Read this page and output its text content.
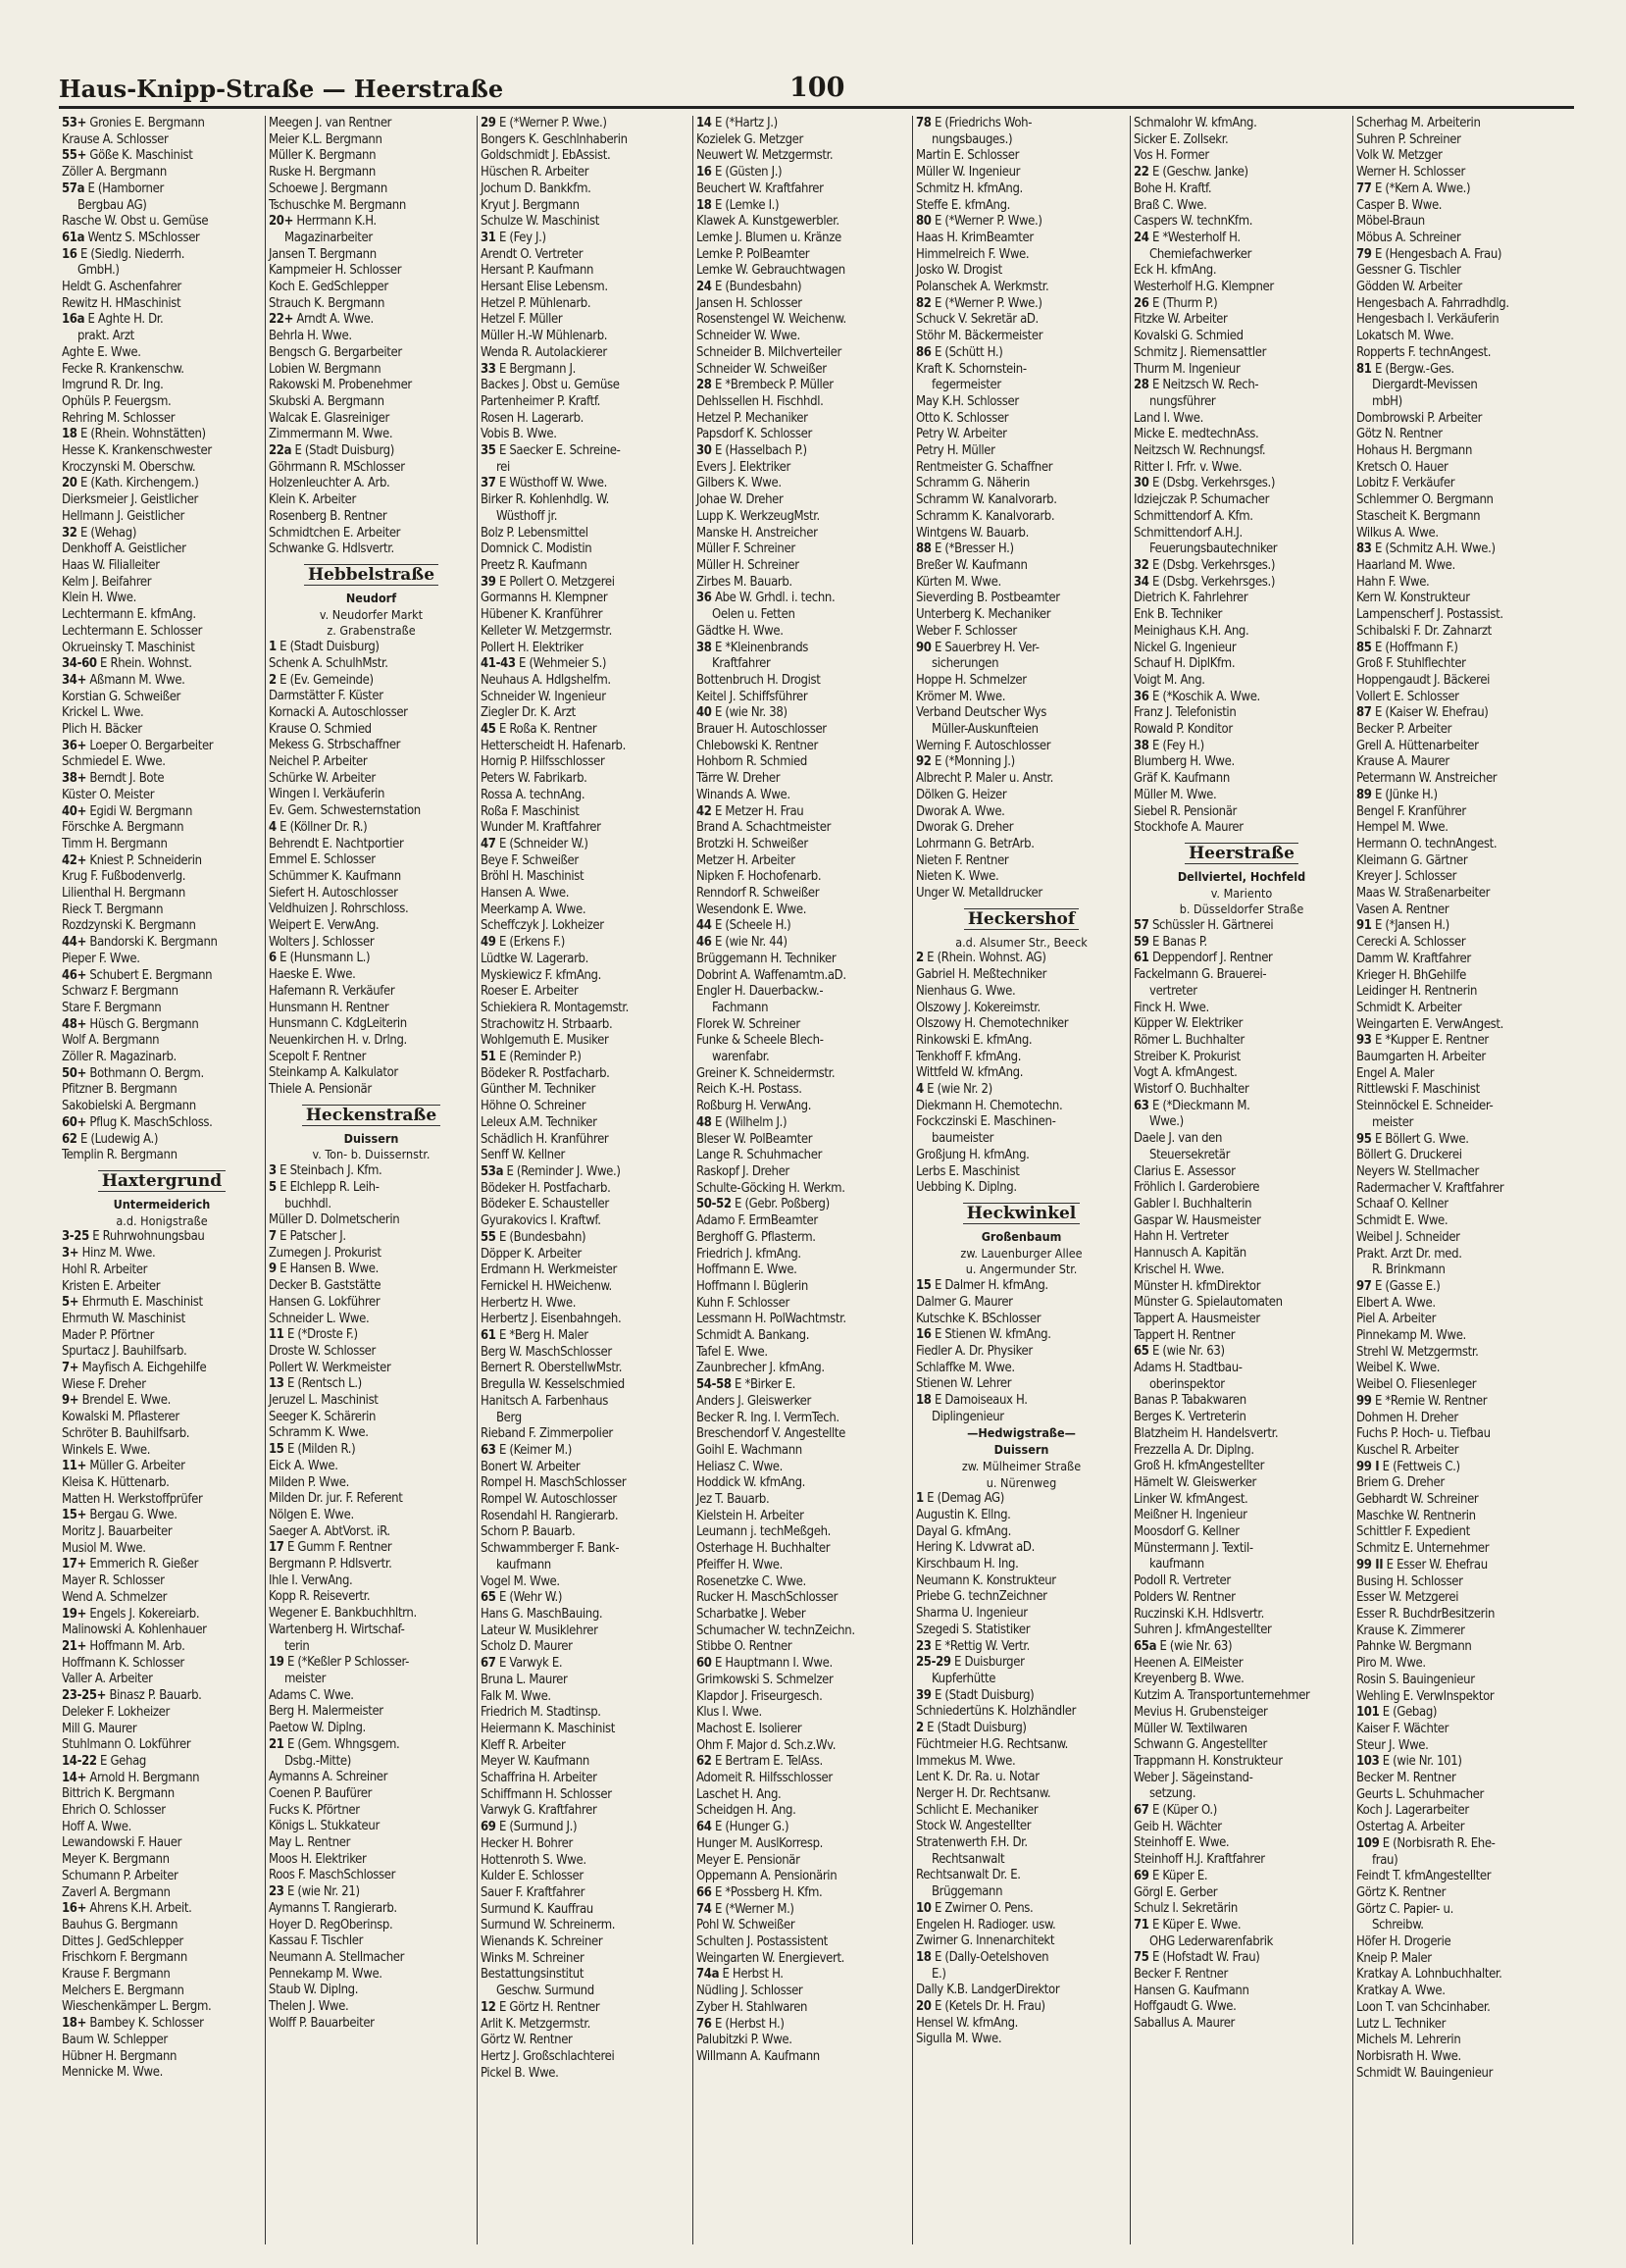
Haus-Knipp-Straße — Heerstraße	100
53+ Gronies E. Bergmann
Krause A. Schlosser
55+ Göße K. Maschinist
Zöller A. Bergmann
57a E (Hamborner
Bergbau AG)
Rasche W. Obst u. Gemüse
61a Wentz S. MSchlosser
16 E (Siedlg. Niederrh.
GmbH.)
Heldt G. Aschenfahrer
Rewitz H. HMaschinist
16a E Aghte H. Dr.
prakt. Arzt
Aghte E. Wwe.
Fecke R. Krankenschw.
Imgrund R. Dr. Ing.
Ophüls P. Feuergsm.
Rehring M. Schlosser
18 E (Rhein. Wohnstätten)
Hesse K. Krankenschwester
Kroczynski M. Oberschw.
20 E (Kath. Kirchengem.)
Dierksmeier J. Geistlicher
Hellmann J. Geistlicher
32 E (Wehag)
Denkhoff A. Geistlicher
Haas W. Filialleiter
Kelm J. Beifahrer
Klein H. Wwe.
Lechtermann E. kfmAng.
Lechtermann E. Schlosser
Okrueinsky T. Maschinist
34-60 E Rhein. Wohnst.
34+ Aßmann M. Wwe.
Korstian G. Schweißer
Krickel L. Wwe.
Plich H. Bäcker
36+ Loeper O. Bergarbeiter
Schmiedel E. Wwe.
38+ Berndt J. Bote
Küster O. Meister
40+ Egidi W. Bergmann
Förschke A. Bergmann
Timm H. Bergmann
42+ Kniest P. Schneiderin
Krug F. Fußbodenverlg.
Lilienthal H. Bergmann
Rieck T. Bergmann
Rozdzynski K. Bergmann
44+ Bandorski K. Bergmann
Pieper F. Wwe.
46+ Schubert E. Bergmann
Schwarz F. Bergmann
Stare F. Bergmann
48+ Hüsch G. Bergmann
Wolf A. Bergmann
Zöller R. Magazinarb.
50+ Bothmann O. Bergm.
Pfitzner B. Bergmann
Sakobielski A. Bergmann
60+ Pflug K. MaschSchloss.
62 E (Ludewig A.)
Templin R. Bergmann
Haxtergrund
Untermeiderich
a.d. Honigstraße
3-25 E Ruhrwohnungsbau
3+ Hinz M. Wwe.
Hohl R. Arbeiter
Kristen E. Arbeiter
5+ Ehrmuth E. Maschinist
Ehrmuth W. Maschinist
Mader P. Pförtner
Spurtacz J. Bauhilfsarb.
7+ Mayfisch A. Eichgehilfe
Wiese F. Dreher
9+ Brendel E. Wwe.
Kowalski M. Pflasterer
Schröter B. Bauhilfsarb.
Winkels E. Wwe.
11+ Müller G. Arbeiter
Kleisa K. Hüttenarb.
Matten H. Werkstoffprüfer
15+ Bergau G. Wwe.
Moritz J. Bauarbeiter
Musiol M. Wwe.
17+ Emmerich R. Gießer
Mayer R. Schlosser
Wend A. Schmelzer
19+ Engels J. Kokereiarb.
Malinowski A. Kohlenhauer
21+ Hoffmann M. Arb.
Hoffmann K. Schlosser
Valler A. Arbeiter
23-25+ Binasz P. Bauarb.
Deleker F. Lokheizer
Mill G. Maurer
Stuhlmann O. Lokführer
14-22 E Gehag
14+ Arnold H. Bergmann
Bittrich K. Bergmann
Ehrich O. Schlosser
Hoff A. Wwe.
Lewandowski F. Hauer
Meyer K. Bergmann
Schumann P. Arbeiter
Zaverl A. Bergmann
16+ Ahrens K.H. Arbeit.
Bauhus G. Bergmann
Dittes J. GedSchlepper
Frischkorn F. Bergmann
Krause F. Bergmann
Melchers E. Bergmann
Wieschenkämper L. Bergm.
18+ Bambey K. Schlosser
Baum W. Schlepper
Hübner H. Bergmann
Mennicke M. Wwe.
Meegen J. van Rentner
Meier K.L. Bergmann
Müller K. Bergmann
Ruske H. Bergmann
Schoewe J. Bergmann
Tschuschke M. Bergmann
20+ Herrmann K.H.
Magazinarbeiter
Jansen T. Bergmann
Kampmeier H. Schlosser
Koch E. GedSchlepper
Strauch K. Bergmann
22+ Arndt A. Wwe.
Behrla H. Wwe.
Bengsch G. Bergarbeiter
Lobien W. Bergmann
Rakowski M. Probenehmer
Skubski A. Bergmann
Walcak E. Glasreiniger
Zimmermann M. Wwe.
22a E (Stadt Duisburg)
Göhrmann R. MSchlosser
Holzenleuchter A. Arb.
Klein K. Arbeiter
Rosenberg B. Rentner
Schmidtchen E. Arbeiter
Schwanke G. Hdlsvertr.
Hebbelstraße
Neudorf
v. Neudorfer Markt
z. Grabenstraße
1 E (Stadt Duisburg)
Schenk A. SchulhMstr.
2 E (Ev. Gemeinde)
Darmstätter F. Küster
Kornacki A. Autoschlosser
Krause O. Schmied
Mekess G. Strbschaffner
Neichel P. Arbeiter
Schürke W. Arbeiter
Wingen I. Verkäuferin
Ev. Gem. Schwesternstation
4 E (Köllner Dr. R.)
Behrendt E. Nachtportier
Emmel E. Schlosser
Schümmer K. Kaufmann
Siefert H. Autoschlosser
Veldhuizen J. Rohrschloss.
Weipert E. VerwAng.
Wolters J. Schlosser
6 E (Hunsmann L.)
Haeske E. Wwe.
Hafemann R. Verkäufer
Hunsmann H. Rentner
Hunsmann C. KdgLeiterin
Neuenkirchen H. v. Drlng.
Scepolt F. Rentner
Steinkamp A. Kalkulator
Thiele A. Pensionär
Heckenstraße
Duissern
v. Ton- b. Duissernstr.
3 E Steinbach J. Kfm.
5 E Elchlepp R. Leih-
buchhdl.
Müller D. Dolmetscherin
7 E Patscher J.
Zumegen J. Prokurist
9 E Hansen B. Wwe.
Decker B. Gaststätte
Hansen G. Lokführer
Schneider L. Wwe.
11 E (*Droste F.)
Droste W. Schlosser
Pollert W. Werkmeister
13 E (Rentsch L.)
Jeruzel L. Maschinist
Seeger K. Schärerin
Schramm K. Wwe.
15 E (Milden R.)
Eick A. Wwe.
Milden P. Wwe.
Milden Dr. jur. F. Referent
Nölgen E. Wwe.
Saeger A. AbtVorst. iR.
17 E Gumm F. Rentner
Bergmann P. Hdlsvertr.
Ihle I. VerwAng.
Kopp R. Reisevertr.
Wegener E. Bankbuchhltrn.
Wartenberg H. Wirtschaf-
terin
19 E (*Keßler P Schlosser-
meister
Adams C. Wwe.
Berg H. Malermeister
Paetow W. Diplng.
21 E (Gem. Whngsgem.
Dsbg.-Mitte)
Aymanns A. Schreiner
Coenen P. Baufürer
Fucks K. Pförtner
Königs L. Stukkateur
May L. Rentner
Moos H. Elektriker
Roos F. MaschSchlosser
23 E (wie Nr. 21)
Aymanns T. Rangierarb.
Hoyer D. RegOberinsp.
Kassau F. Tischler
Neumann A. Stellmacher
Pennekamp M. Wwe.
Staub W. Diplng.
Thelen J. Wwe.
Wolff P. Bauarbeiter
29 E (*Werner P. Wwe.)
Bongers K. Geschlnhaberin
Goldschmidt J. EbAssist.
Hüschen R. Arbeiter
Jochum D. Bankkfm.
Kryut J. Bergmann
Schulze W. Maschinist
31 E (Fey J.)
Arendt O. Vertreter
Hersant P. Kaufmann
Hersant Elise Lebensm.
Hetzel P. Mühlenarb.
Hetzel F. Müller
Müller H.-W Mühlenarb.
Wenda R. Autolackierer
33 E Bergmann J.
Backes J. Obst u. Gemüse
Partenheimer P. Kraftf.
Rosen H. Lagerarb.
Vobis B. Wwe.
35 E Saecker E. Schreine-
rei
37 E Wüsthoff W. Wwe.
Birker R. Kohlenhdlg. W.
Wüsthoff jr.
Bolz P. Lebensmittel
Domnick C. Modistin
Preetz R. Kaufmann
39 E Pollert O. Metzgerei
Gormanns H. Klempner
Hübener K. Kranführer
Kelleter W. Metzgermstr.
Pollert H. Elektriker
41-43 E (Wehmeier S.)
Neuhaus A. Hdlgshelfm.
Schneider W. Ingenieur
Ziegler Dr. K. Arzt
45 E Roßa K. Rentner
Hetterscheidt H. Hafenarb.
Hornig P. Hilfsschlosser
Peters W. Fabrikarb.
Rossa A. technAng.
Roßa F. Maschinist
Wunder M. Kraftfahrer
47 E (Schneider W.)
Beye F. Schweißer
Bröhl H. Maschinist
Hansen A. Wwe.
Meerkamp A. Wwe.
Scheffczyk J. Lokheizer
49 E (Erkens F.)
Lüdtke W. Lagerarb.
Myskiewicz F. kfmAng.
Roeser E. Arbeiter
Schiekiera R. Montagemstr.
Strachowitz H. Strbaarb.
Wohlgemuth E. Musiker
51 E (Reminder P.)
Bödeker R. Postfacharb.
Günther M. Techniker
Höhne O. Schreiner
Leleux A.M. Techniker
Schädlich H. Kranführer
Senff W. Kellner
53a E (Reminder J. Wwe.)
Bödeker H. Postfacharb.
Bödeker E. Schausteller
Gyurakovics I. Kraftwf.
55 E (Bundesbahn)
Döpper K. Arbeiter
Erdmann H. Werkmeister
Fernickel H. HWeichenw.
Herbertz H. Wwe.
Herbertz J. Eisenbahngeh.
61 E *Berg H. Maler
Berg W. MaschSchlosser
Bernert R. OberstellwMstr.
Bregulla W. Kesselschmied
Hanitsch A. Farbenhaus
Berg
Rieband F. Zimmerpolier
63 E (Keimer M.)
Bonert W. Arbeiter
Rompel H. MaschSchlosser
Rompel W. Autoschlosser
Rosendahl H. Rangierarb.
Schorn P. Bauarb.
Schwammberger F. Bank-
kaufmann
Vogel M. Wwe.
65 E (Wehr W.)
Hans G. MaschBauing.
Lateur W. Musiklehrer
Scholz D. Maurer
67 E Varwyk E.
Bruna L. Maurer
Falk M. Wwe.
Friedrich M. Stadtinsp.
Heiermann K. Maschinist
Kleff R. Arbeiter
Meyer W. Kaufmann
Schaffrina H. Arbeiter
Schiffmann H. Schlosser
Varwyk G. Kraftfahrer
69 E (Surmund J.)
Hecker H. Bohrer
Hottenroth S. Wwe.
Kulder E. Schlosser
Sauer F. Kraftfahrer
Surmund K. Kauffrau
Surmund W. Schreinerm.
Wienands K. Schreiner
Winks M. Schreiner
Bestattungsinstitut
Geschw. Surmund
12 E Görtz H. Rentner
Arlit K. Metzgermstr.
Görtz W. Rentner
Hertz J. Großschlachterei
Pickel B. Wwe.
14 E (*Hartz J.)
Kozielek G. Metzger
Neuwert W. Metzgermstr.
16 E (Güsten J.)
Beuchert W. Kraftfahrer
18 E (Lemke I.)
Klawek A. Kunstgewerbler.
Lemke J. Blumen u. Kränze
Lemke P. PolBeamter
Lemke W. Gebrauchtwagen
24 E (Bundesbahn)
Jansen H. Schlosser
Rosenstengel W. Weichenw.
Schneider W. Wwe.
Schneider B. Milchverteiler
Schneider W. Schweißer
28 E *Brembeck P. Müller
Dehlssellen H. Fischhdl.
Hetzel P. Mechaniker
Papsdorf K. Schlosser
30 E (Hasselbach P.)
Evers J. Elektriker
Gilbers K. Wwe.
Johae W. Dreher
Lupp K. WerkzeugMstr.
Manske H. Anstreicher
Müller F. Schreiner
Müller H. Schreiner
Zirbes M. Bauarb.
36 Abe W. Grhdl. i. techn.
Oelen u. Fetten
Gädtke H. Wwe.
38 E *Kleinenbrands
Kraftfahrer
Bottenbruch H. Drogist
Keitel J. Schiffsführer
40 E (wie Nr. 38)
Brauer H. Autoschlosser
Chlebowski K. Rentner
Hohborn R. Schmied
Tärre W. Dreher
Winands A. Wwe.
42 E Metzer H. Frau
Brand A. Schachtmeister
Brotzki H. Schweißer
Metzer H. Arbeiter
Nipken F. Hochofenarb.
Renndorf R. Schweißer
Wesendonk E. Wwe.
44 E (Scheele H.)
46 E (wie Nr. 44)
Brüggemann H. Techniker
Dobrint A. Waffenamtm.aD.
Engler H. Dauerbackw.-
Fachmann
Florek W. Schreiner
Funke & Scheele Blech-
warenfabr.
Greiner K. Schneidermstr.
Reich K.-H. Postass.
Roßburg H. VerwAng.
48 E (Wilhelm J.)
Bleser W. PolBeamter
Lange R. Schuhmacher
Raskopf J. Dreher
Schulte-Göcking H. Werkm.
50-52 E (Gebr. Poßberg)
Adamo F. ErmBeamter
Berghoff G. Pflasterm.
Friedrich J. kfmAng.
Hoffmann E. Wwe.
Hoffmann I. Büglerin
Kuhn F. Schlosser
Lessmann H. PolWachtmstr.
Schmidt A. Bankang.
Tafel E. Wwe.
Zaunbrecher J. kfmAng.
54-58 E *Birker E.
Anders J. Gleiswerker
Becker R. Ing. I. VermTech.
Breschendorf V. Angestellte
Goihl E. Wachmann
Heliasz C. Wwe.
Hoddick W. kfmAng.
Jez T. Bauarb.
Kielstein H. Arbeiter
Leumann j. techMeßgeh.
Osterhage H. Buchhalter
Pfeiffer H. Wwe.
Rosenetzke C. Wwe.
Rucker H. MaschSchlosser
Scharbatke J. Weber
Schumacher W. technZeichn.
Stibbe O. Rentner
60 E Hauptmann I. Wwe.
Grimkowski S. Schmelzer
Klapdor J. Friseurgesch.
Klus I. Wwe.
Machost E. Isolierer
Ohm F. Major d. Sch.z.Wv.
62 E Bertram E. TelAss.
Adomeit R. Hilfsschlosser
Laschet H. Ang.
Scheidgen H. Ang.
64 E (Hunger G.)
Hunger M. AuslKorresp.
Meyer E. Pensionär
Oppemann A. Pensionärin
66 E *Possberg H. Kfm.
74 E (*Werner M.)
Pohl W. Schweißer
Schulten J. Postassistent
Weingarten W. Energievert.
74a E Herbst H.
Nüdling J. Schlosser
Zyber H. Stahlwaren
76 E (Herbst H.)
Palubitzki P. Wwe.
Willmann A. Kaufmann
78 E (Friedrichs Woh-
nungsbauges.)
Martin E. Schlosser
Müller W. Ingenieur
Schmitz H. kfmAng.
Steffe E. kfmAng.
80 E (*Werner P. Wwe.)
Haas H. KrimBeamter
Himmelreich F. Wwe.
Josko W. Drogist
Polanschek A. Werkmstr.
82 E (*Werner P. Wwe.)
Schuck V. Sekretär aD.
Stöhr M. Bäckermeister
86 E (Schütt H.)
Kraft K. Schornstein-
fegermeister
May K.H. Schlosser
Otto K. Schlosser
Petry W. Arbeiter
Petry H. Müller
Rentmeister G. Schaffner
Schramm G. Näherin
Schramm W. Kanalvorarb.
Schramm K. Kanalvorarb.
Wintgens W. Bauarb.
88 E (*Bresser H.)
Breßer W. Kaufmann
Kürten M. Wwe.
Sieverding B. Postbeamter
Unterberg K. Mechaniker
Weber F. Schlosser
90 E Sauerbrey H. Ver-
sicherungen
Hoppe H. Schmelzer
Krömer M. Wwe.
Verband Deutscher Wys
Müller-Auskunfteien
Werning F. Autoschlosser
92 E (*Monning J.)
Albrecht P. Maler u. Anstr.
Dölken G. Heizer
Dworak A. Wwe.
Dworak G. Dreher
Lohrmann G. BetrArb.
Nieten F. Rentner
Nieten K. Wwe.
Unger W. Metalldrucker
Heckershof
a.d. Alsumer Str., Beeck
2 E (Rhein. Wohnst. AG)
Gabriel H. Meßtechniker
Nienhaus G. Wwe.
Olszowy J. Kokereimstr.
Olszowy H. Chemotechniker
Rinkowski E. kfmAng.
Tenkhoff F. kfmAng.
Wittfeld W. kfmAng.
4 E (wie Nr. 2)
Diekmann H. Chemotechn.
Fockczinski E. Maschinen-
baumeister
Großjung H. kfmAng.
Lerbs E. Maschinist
Uebbing K. Diplng.
Heckwinkel
Großenbaum
zw. Lauenburger Allee
u. Angermunder Str.
15 E Dalmer H. kfmAng.
Dalmer G. Maurer
Kutschke K. BSchlosser
16 E Stienen W. kfmAng.
Fiedler A. Dr. Physiker
Schlaffke M. Wwe.
Stienen W. Lehrer
18 E Damoiseaux H.
Diplingenieur
—Hedwigstraße—
Duissern
zw. Mülheimer Straße
u. Nürenweg
1 E (Demag AG)
Augustin K. Ellng.
Dayal G. kfmAng.
Hering K. Ldvwrat aD.
Kirschbaum H. Ing.
Neumann K. Konstrukteur
Priebe G. technZeichner
Sharma U. Ingenieur
Szegedi S. Statistiker
23 E *Rettig W. Vertr.
25-29 E Duisburger
Kupferhütte
39 E (Stadt Duisburg)
Schniedertüns K. Holzhändler
2 E (Stadt Duisburg)
Füchtmeier H.G. Rechtsanw.
Immekus M. Wwe.
Lent K. Dr. Ra. u. Notar
Nerger H. Dr. Rechtsanw.
Schlicht E. Mechaniker
Stock W. Angestellter
Stratenwerth F.H. Dr.
Rechtsanwalt
Rechtsanwalt Dr. E.
Brüggemann
10 E Zwirner O. Pens.
Engelen H. Radioger. usw.
Zwirner G. Innenarchitekt
18 E (Dally-Oetelshoven
E.)
Dally K.B. LandgerDirektor
20 E (Ketels Dr. H. Frau)
Hensel W. kfmAng.
Sigulla M. Wwe.
Schmalohr W. kfmAng.
Sicker E. Zollsekr.
Vos H. Former
22 E (Geschw. Janke)
Bohe H. Kraftf.
Braß C. Wwe.
Caspers W. technKfm.
24 E *Westerholf H.
Chemiefachwerker
Eck H. kfmAng.
Westerholf H.G. Klempner
26 E (Thurm P.)
Fitzke W. Arbeiter
Kovalski G. Schmied
Schmitz J. Riemensattler
Thurm M. Ingenieur
28 E Neitzsch W. Rech-
nungsführer
Land I. Wwe.
Micke E. medtechnAss.
Neitzsch W. Rechnungsf.
Ritter I. Frfr. v. Wwe.
30 E (Dsbg. Verkehrsges.)
Idziejczak P. Schumacher
Schmittendorf A. Kfm.
Schmittendorf A.H.J.
Feuerungsbautechniker
32 E (Dsbg. Verkehrsges.)
34 E (Dsbg. Verkehrsges.)
Dietrich K. Fahrlehrer
Enk B. Techniker
Meinighaus K.H. Ang.
Nickel G. Ingenieur
Schauf H. DiplKfm.
Voigt M. Ang.
36 E (*Koschik A. Wwe.
Franz J. Telefonistin
Rowald P. Konditor
38 E (Fey H.)
Blumberg H. Wwe.
Gräf K. Kaufmann
Müller M. Wwe.
Siebel R. Pensionär
Stockhofe A. Maurer
Heerstraße
Dellviertel, Hochfeld
v. Mariento
b. Düsseldorfer Straße
57 Schüssler H. Gärtnerei
59 E Banas P.
61 Deppendorf J. Rentner
Fackelmann G. Brauerei-
vertreter
Finck H. Wwe.
Küpper W. Elektriker
Römer L. Buchhalter
Streiber K. Prokurist
Vogt A. kfmAngest.
Wistorf O. Buchhalter
63 E (*Dieckmann M.
Wwe.)
Daele J. van den
Steuersekretär
Clarius E. Assessor
Fröhlich I. Garderobiere
Gabler I. Buchhalterin
Gaspar W. Hausmeister
Hahn H. Vertreter
Hannusch A. Kapitän
Krischel H. Wwe.
Münster H. kfmDirektor
Münster G. Spielautomaten
Tappert A. Hausmeister
Tappert H. Rentner
65 E (wie Nr. 63)
Adams H. Stadtbau-
oberinspektor
Banas P. Tabakwaren
Berges K. Vertreterin
Blatzheim H. Handelsvertr.
Frezzella A. Dr. Diplng.
Groß H. kfmAngestellter
Hämelt W. Gleiswerker
Linker W. kfmAngest.
Meißner H. Ingenieur
Moosdorf G. Kellner
Münstermann J. Textil-
kaufmann
Podoll R. Vertreter
Polders W. Rentner
Ruczinski K.H. Hdlsvertr.
Suhren J. kfmAngestellter
65a E (wie Nr. 63)
Heenen A. ElMeister
Kreyenberg B. Wwe.
Kutzim A. Transportunternehmer
Mevius H. Grubensteiger
Müller W. Textilwaren
Schwann G. Angestellter
Trappmann H. Konstrukteur
Weber J. Sägeinstand-
setzung.
67 E (Küper O.)
Geib H. Wächter
Steinhoff E. Wwe.
Steinhoff H.J. Kraftfahrer
69 E Küper E.
Görgl E. Gerber
Schulz I. Sekretärin
71 E Küper E. Wwe.
OHG Lederwarenfabrik
75 E (Hofstadt W. Frau)
Becker F. Rentner
Hansen G. Kaufmann
Hoffgaudt G. Wwe.
Saballus A. Maurer
Scherhag M. Arbeiterin
Suhren P. Schreiner
Volk W. Metzger
Werner H. Schlosser
77 E (*Kern A. Wwe.)
Casper B. Wwe.
Möbel-Braun
Möbus A. Schreiner
79 E (Hengesbach A. Frau)
Gessner G. Tischler
Gödden W. Arbeiter
Hengesbach A. Fahrradhdlg.
Hengesbach I. Verkäuferin
Lokatsch M. Wwe.
Ropperts F. technAngest.
81 E (Bergw.-Ges.
Diergardt-Mevissen
mbH)
Dombrowski P. Arbeiter
Götz N. Rentner
Hohaus H. Bergmann
Kretsch O. Hauer
Lobitz F. Verkäufer
Schlemmer O. Bergmann
Stascheit K. Bergmann
Wilkus A. Wwe.
83 E (Schmitz A.H. Wwe.)
Haarland M. Wwe.
Hahn F. Wwe.
Kern W. Konstrukteur
Lampenscherf J. Postassist.
Schibalski F. Dr. Zahnarzt
85 E (Hoffmann F.)
Groß F. Stuhlflechter
Hoppengaudt J. Bäckerei
Vollert E. Schlosser
87 E (Kaiser W. Ehefrau)
Becker P. Arbeiter
Grell A. Hüttenarbeiter
Krause A. Maurer
Petermann W. Anstreicher
89 E (Jünke H.)
Bengel F. Kranführer
Hempel M. Wwe.
Hermann O. technAngest.
Kleimann G. Gärtner
Kreyer J. Schlosser
Maas W. Straßenarbeiter
Vasen A. Rentner
91 E (*Jansen H.)
Cerecki A. Schlosser
Damm W. Kraftfahrer
Krieger H. BhGehilfe
Leidinger H. Rentnerin
Schmidt K. Arbeiter
Weingarten E. VerwAngest.
93 E *Kupper E. Rentner
Baumgarten H. Arbeiter
Engel A. Maler
Rittlewski F. Maschinist
Steinnöckel E. Schneider-
meister
95 E Böllert G. Wwe.
Böllert G. Druckerei
Neyers W. Stellmacher
Radermacher V. Kraftfahrer
Schaaf O. Kellner
Schmidt E. Wwe.
Weibel J. Schneider
Prakt. Arzt Dr. med.
R. Brinkmann
97 E (Gasse E.)
Elbert A. Wwe.
Piel A. Arbeiter
Pinnekamp M. Wwe.
Strehl W. Metzgermstr.
Weibel K. Wwe.
Weibel O. Fliesenleger
99 E *Remie W. Rentner
Dohmen H. Dreher
Fuchs P. Hoch- u. Tiefbau
Kuschel R. Arbeiter
99 I E (Fettweis C.)
Briem G. Dreher
Gebhardt W. Schreiner
Maschke W. Rentnerin
Schittler F. Expedient
Schmitz E. Unternehmer
99 II E Esser W. Ehefrau
Busing H. Schlosser
Esser W. Metzgerei
Esser R. BuchdrBesitzerin
Krause K. Zimmerer
Pahnke W. Bergmann
Piro M. Wwe.
Rosin S. Bauingenieur
Wehling E. VerwInspektor
101 E (Gebag)
Kaiser F. Wächter
Steur J. Wwe.
103 E (wie Nr. 101)
Becker M. Rentner
Geurts L. Schuhmacher
Koch J. Lagerarbeiter
Ostertag A. Arbeiter
109 E (Norbisrath R. Ehe-
frau)
Feindt T. kfmAngestellter
Görtz K. Rentner
Görtz C. Papier- u.
Schreibw.
Höfer H. Drogerie
Kneip P. Maler
Kratkay A. Lohnbuchhalter.
Kratkay A. Wwe.
Loon T. van Schcinhaber.
Lutz L. Techniker
Michels M. Lehrerin
Norbisrath H. Wwe.
Schmidt W. Bauingenieur
